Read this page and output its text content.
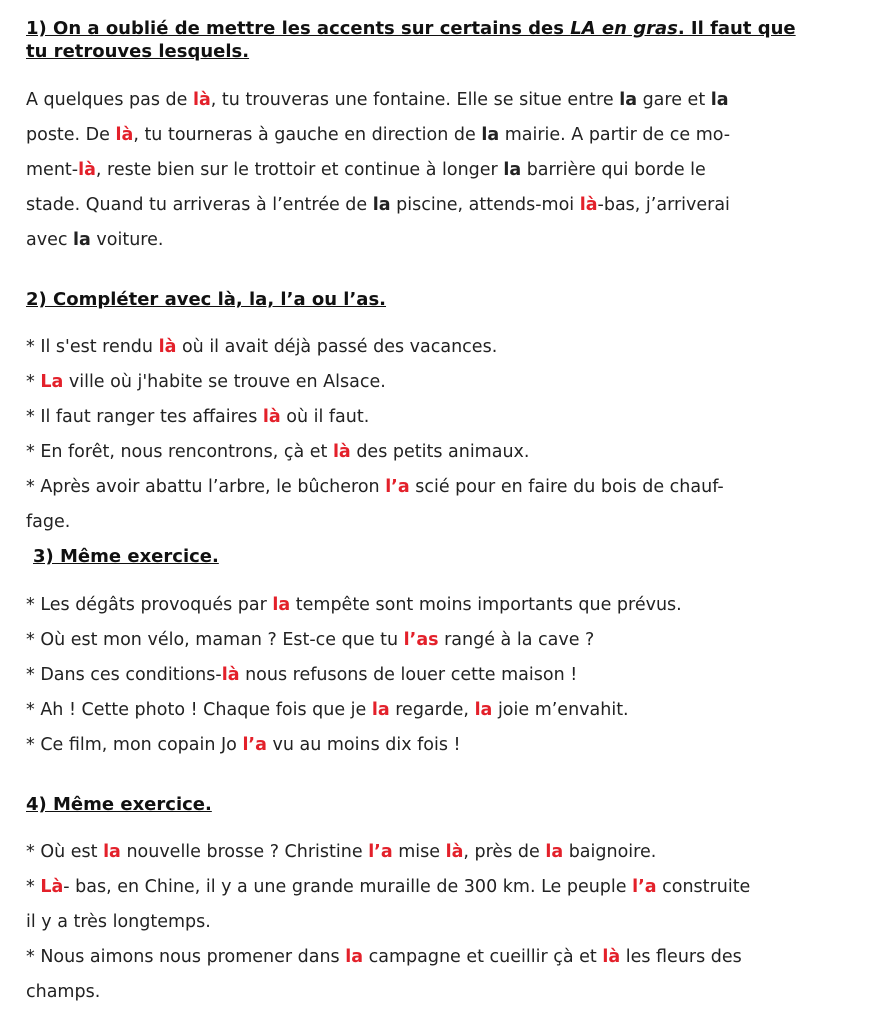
1) On a oublié de mettre les accents sur certains des LA en gras. Il faut que

tu retrouves lesquels.

A quelques pas de là, tu trouveras une fontaine. Elle se situe entre la gare et la

poste. De là, tu tourneras à gauche en direction de la mairie. A partir de ce mo-

ment-là, reste bien sur le trottoir et continue à longer la barrière qui borde le

stade. Quand tu arriveras à l’entrée de la piscine, attends-moi là-bas, j’arriverai

avec la voiture.

2) Compléter avec là, la, l’a ou l’as.

* Il s'est rendu là où il avait déjà passé des vacances.

* La ville où j'habite se trouve en Alsace.

* Il faut ranger tes affaires là où il faut.

* En forêt, nous rencontrons, çà et là des petits animaux.

* Après avoir abattu l’arbre, le bûcheron l’a scié pour en faire du bois de chauf-

fage.

3) Même exercice.

* Les dégâts provoqués par la tempête sont moins importants que prévus.

* Où est mon vélo, maman ? Est-ce que tu l’as rangé à la cave ?

* Dans ces conditions-là nous refusons de louer cette maison !

* Ah ! Cette photo ! Chaque fois que je la regarde, la joie m’envahit.

* Ce film, mon copain Jo l’a vu au moins dix fois !

4) Même exercice.

* Où est la nouvelle brosse ? Christine l’a mise là, près de la baignoire.

* Là- bas, en Chine, il y a une grande muraille de 300 km. Le peuple l’a construite

il y a très longtemps.

* Nous aimons nous promener dans la campagne et cueillir çà et là les fleurs des

champs.
